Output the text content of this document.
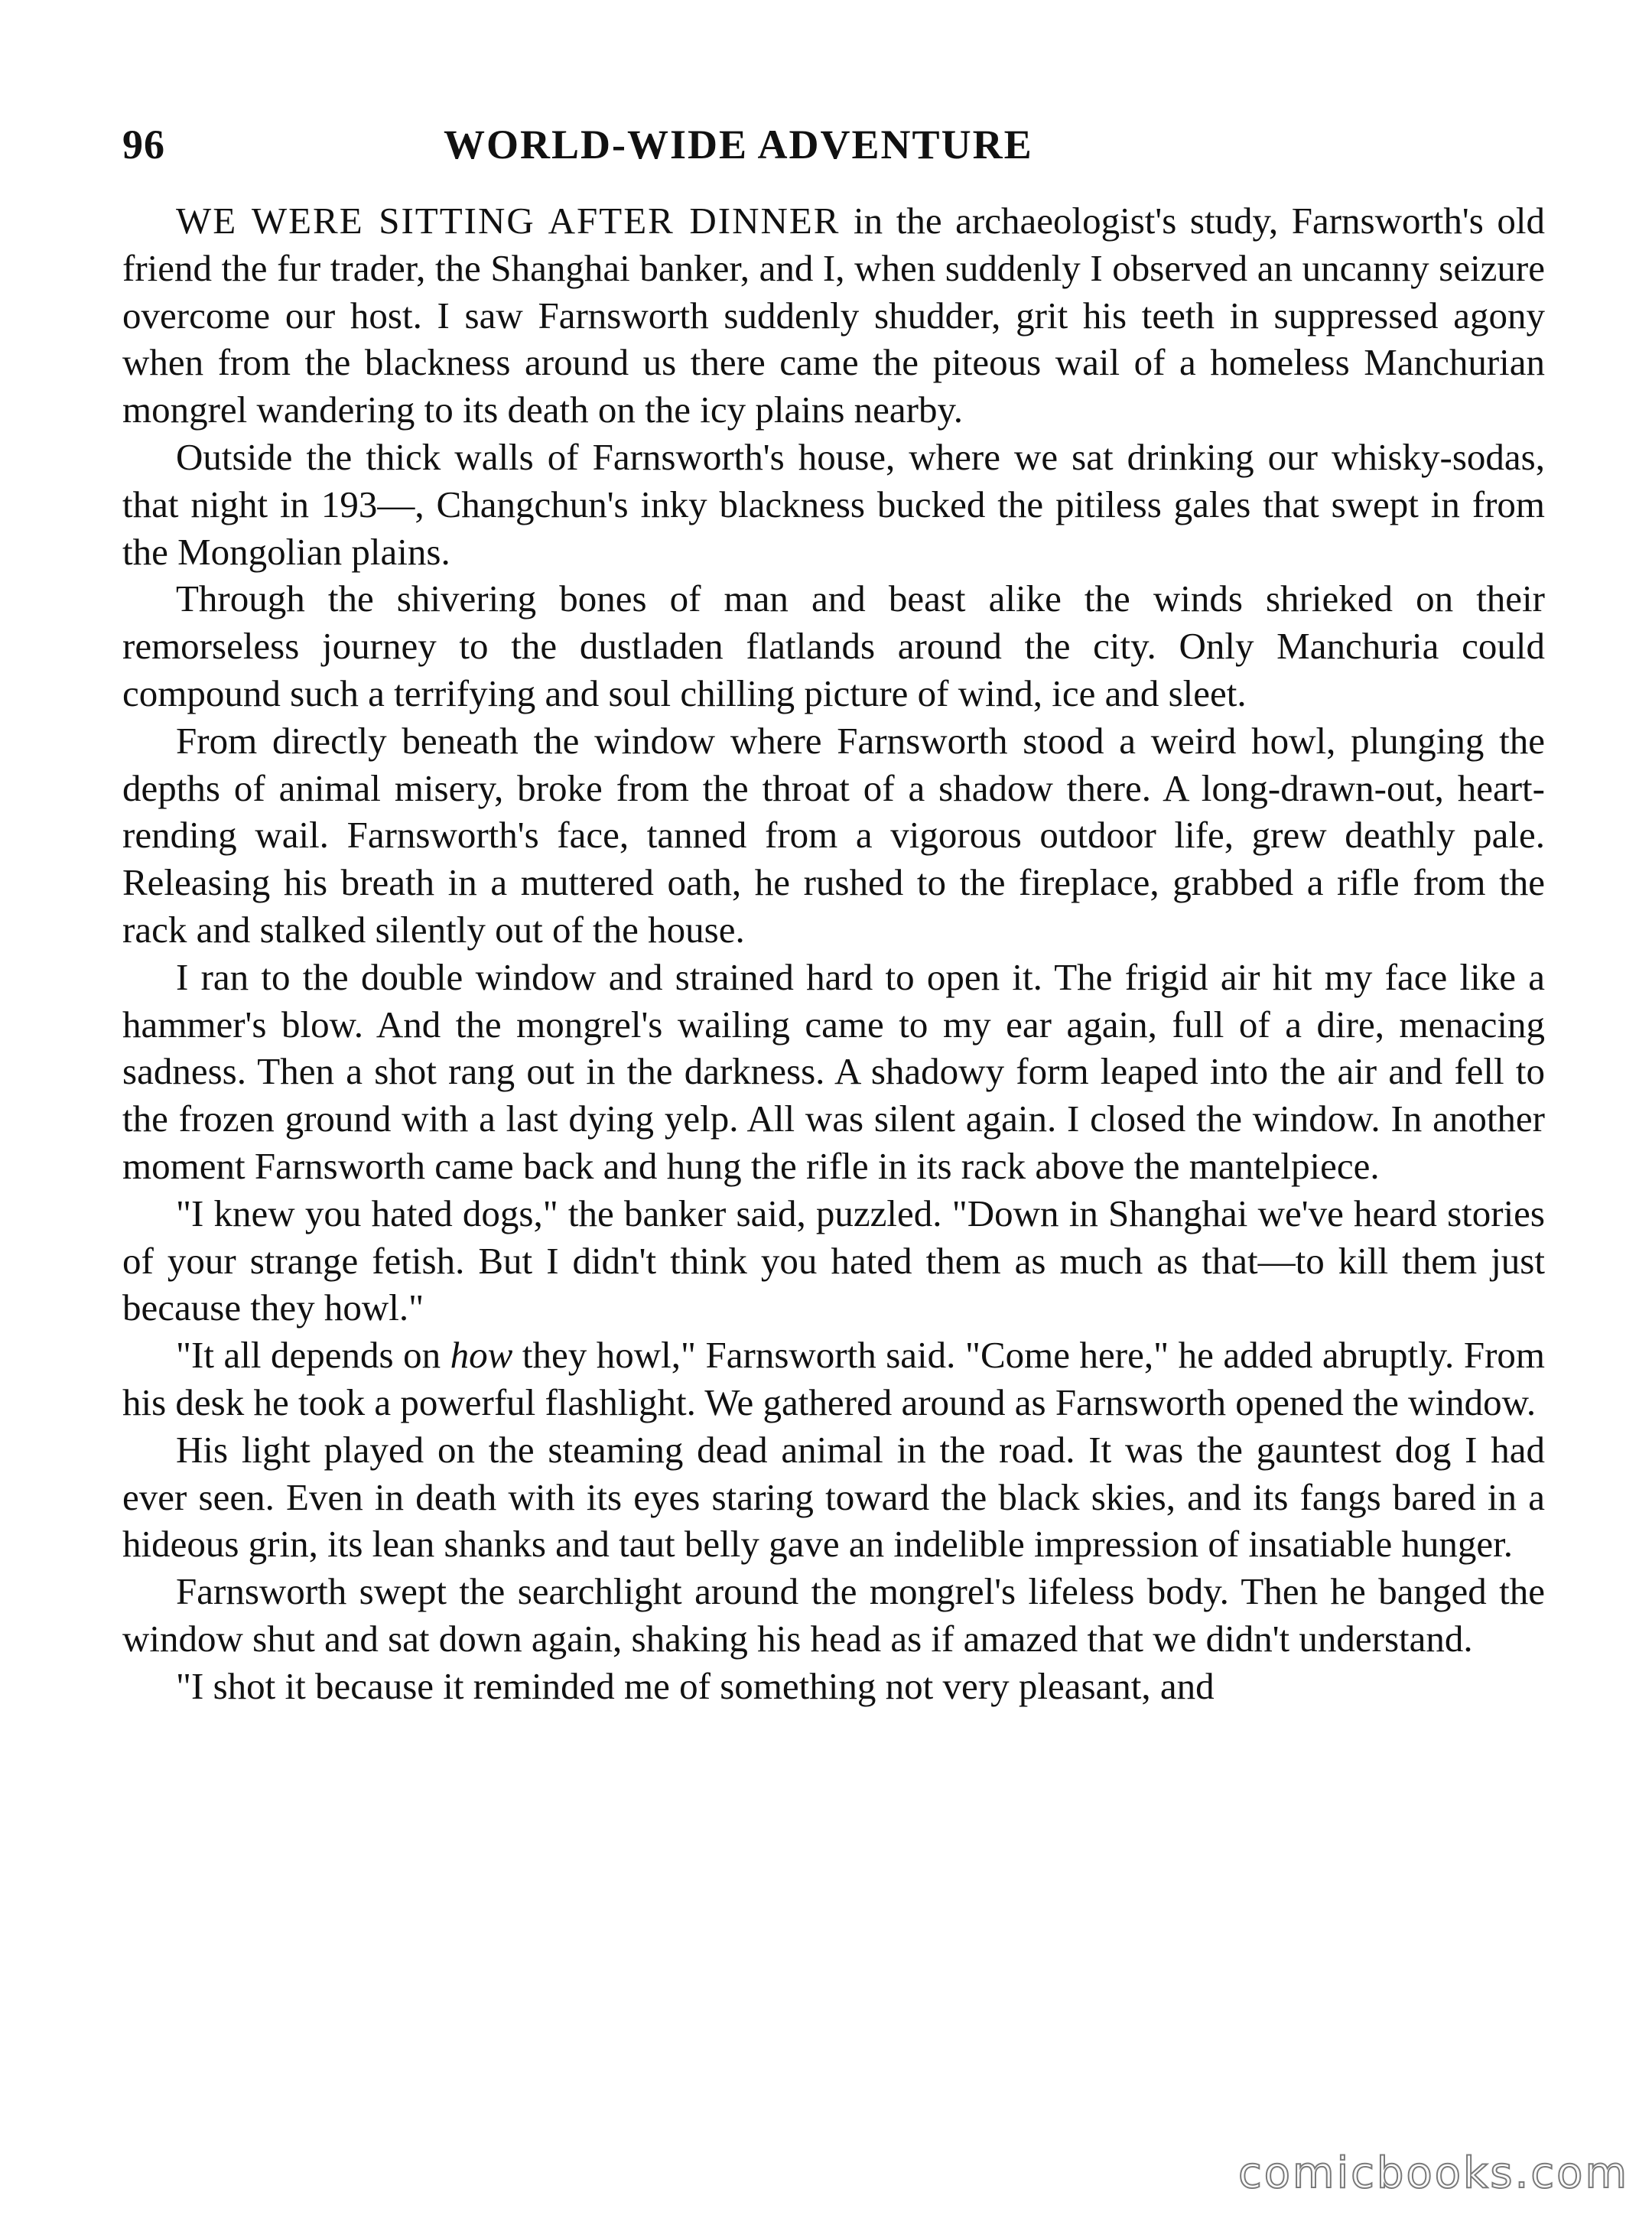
96	WORLD-WIDE ADVENTURE

WE WERE SITTING AFTER DINNER in the archaeologist's study, Farnsworth's old friend the fur trader, the Shanghai banker, and I, when suddenly I observed an uncanny seizure overcome our host. I saw Farnsworth suddenly shudder, grit his teeth in suppressed agony when from the blackness around us there came the piteous wail of a homeless Manchurian mongrel wandering to its death on the icy plains nearby.

Outside the thick walls of Farnsworth's house, where we sat drinking our whisky-sodas, that night in 193—, Changchun's inky blackness bucked the pitiless gales that swept in from the Mongolian plains.

Through the shivering bones of man and beast alike the winds shrieked on their remorseless journey to the dustladen flatlands around the city. Only Manchuria could compound such a terrifying and soul chilling picture of wind, ice and sleet.

From directly beneath the window where Farnsworth stood a weird howl, plunging the depths of animal misery, broke from the throat of a shadow there. A long-drawn-out, heart-rending wail. Farnsworth's face, tanned from a vigorous outdoor life, grew deathly pale. Releasing his breath in a muttered oath, he rushed to the fireplace, grabbed a rifle from the rack and stalked silently out of the house.

I ran to the double window and strained hard to open it. The frigid air hit my face like a hammer's blow. And the mongrel's wailing came to my ear again, full of a dire, menacing sadness. Then a shot rang out in the darkness. A shadowy form leaped into the air and fell to the frozen ground with a last dying yelp. All was silent again. I closed the window. In another moment Farnsworth came back and hung the rifle in its rack above the mantelpiece.

"I knew you hated dogs," the banker said, puzzled. "Down in Shanghai we've heard stories of your strange fetish. But I didn't think you hated them as much as that—to kill them just because they howl."

"It all depends on how they howl," Farnsworth said. "Come here," he added abruptly. From his desk he took a powerful flashlight. We gathered around as Farnsworth opened the window.

His light played on the steaming dead animal in the road. It was the gauntest dog I had ever seen. Even in death with its eyes staring toward the black skies, and its fangs bared in a hideous grin, its lean shanks and taut belly gave an indelible impression of insatiable hunger.

Farnsworth swept the searchlight around the mongrel's lifeless body. Then he banged the window shut and sat down again, shaking his head as if amazed that we didn't understand.

"I shot it because it reminded me of something not very pleasant, and

comicbooks.com
